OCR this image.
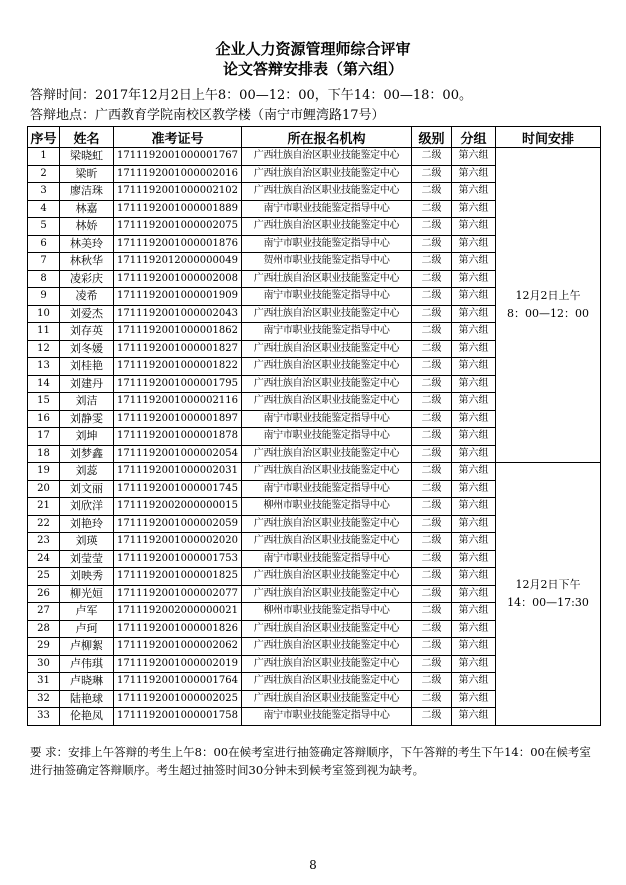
企业人力资源管理师综合评审
论文答辩安排表（第六组）
答辩时间：2017年12月2日上午8：00—12：00，下午14：00—18：00。
答辩地点：广西教育学院南校区教学楼（南宁市鲤湾路17号）
序号	姓名	准考证号	所在报名机构	级别	分组	时间安排
1	梁晓虹	171119200100000176​7	广西壮族自治区职业技能鉴定中心	二级	第六组	12月2日上午
8：00—12：00

2	梁昕	1711192001000002016	广西壮族自治区职业技能鉴定中心	二级	第六组	
3	廖洁珠	1711192001000002102	广西壮族自治区职业技能鉴定中心	二级	第六组	
4	林嘉	1711192001000001889	南宁市职业技能鉴定指导中心	二级	第六组	
5	林娇	1711192001000002075	广西壮族自治区职业技能鉴定中心	二级	第六组	
6	林美玲	1711192001000001876	南宁市职业技能鉴定指导中心	二级	第六组	
7	林秋华	1711192012000000049	贺州市职业技能鉴定指导中心	二级	第六组	
8	凌彩庆	1711192001000002008	广西壮族自治区职业技能鉴定中心	二级	第六组	
9	凌希	1711192001000001909	南宁市职业技能鉴定指导中心	二级	第六组	
10	刘爱杰	1711192001000002043	广西壮族自治区职业技能鉴定中心	二级	第六组	
11	刘存英	1711192001000001862	南宁市职业技能鉴定指导中心	二级	第六组	
12	刘冬媛	1711192001000001827	广西壮族自治区职业技能鉴定中心	二级	第六组	
13	刘桂艳	1711192001000001822	广西壮族自治区职业技能鉴定中心	二级	第六组	
14	刘建丹	1711192001000001795	广西壮族自治区职业技能鉴定中心	二级	第六组	
15	刘洁	1711192001000002116	广西壮族自治区职业技能鉴定中心	二级	第六组	
16	刘静雯	1711192001000001897	南宁市职业技能鉴定指导中心	二级	第六组	
17	刘坤	1711192001000001878	南宁市职业技能鉴定指导中心	二级	第六组	
18	刘梦鑫	1711192001000002054	广西壮族自治区职业技能鉴定中心	二级	第六组	
19	刘蕊	1711192001000002031	广西壮族自治区职业技能鉴定中心	二级	第六组	12月2日下午
14：00—17:30

20	刘文丽	1711192001000001745	南宁市职业技能鉴定指导中心	二级	第六组	
21	刘欣洋	1711192002000000015	柳州市职业技能鉴定指导中心	二级	第六组	
22	刘艳玲	1711192001000002059	广西壮族自治区职业技能鉴定中心	二级	第六组	
23	刘瑛	1711192001000002020	广西壮族自治区职业技能鉴定中心	二级	第六组	
24	刘莹莹	1711192001000001753	南宁市职业技能鉴定指导中心	二级	第六组	
25	刘映秀	1711192001000001825	广西壮族自治区职业技能鉴定中心	二级	第六组	
26	柳光姮	1711192001000002077	广西壮族自治区职业技能鉴定中心	二级	第六组	
27	卢军	1711192002000000021	柳州市职业技能鉴定指导中心	二级	第六组	
28	卢珂	1711192001000001826	广西壮族自治区职业技能鉴定中心	二级	第六组	
29	卢柳絮	1711192001000002062	广西壮族自治区职业技能鉴定中心	二级	第六组	
30	卢伟琪	1711192001000002019	广西壮族自治区职业技能鉴定中心	二级	第六组	
31	卢晓琳	1711192001000001764	广西壮族自治区职业技能鉴定中心	二级	第六组	
32	陆艳球	1711192001000002025	广西壮族自治区职业技能鉴定中心	二级	第六组	
33	伦艳凤	1711192001000001758	南宁市职业技能鉴定指导中心	二级	第六组	
要 求：安排上午答辩的考生上午8：00在候考室进行抽签确定答辩顺序，下午答辩的考生下午14：00在候考室进行抽签确定答辩顺序。考生超过抽签时间30分钟未到候考室签到视为缺考。
8
